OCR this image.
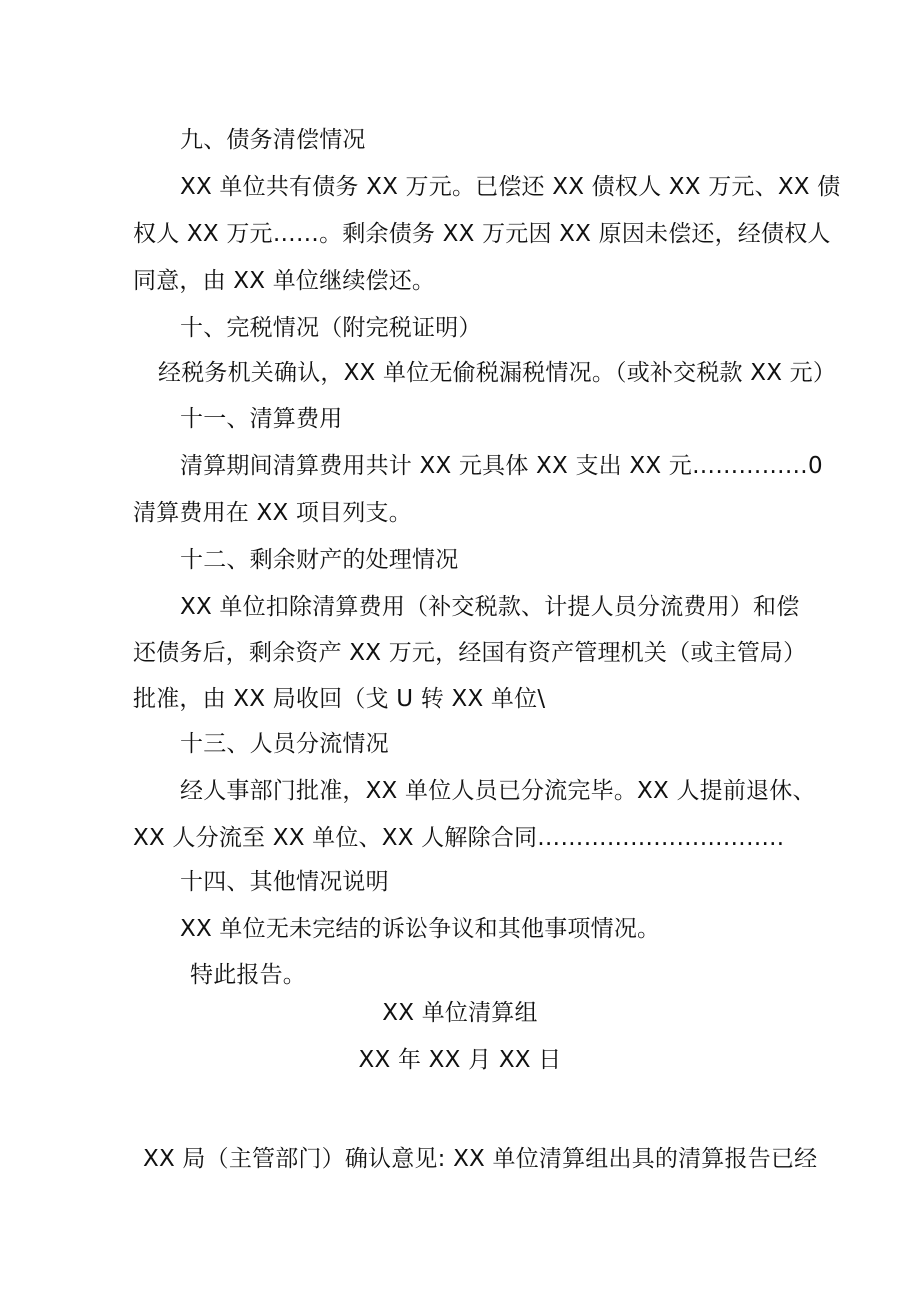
九、债务清偿情况
XX 单位共有债务 XX 万元。已偿还 XX 债权人 XX 万元、XX 债
权人 XX 万元……。剩余债务 XX 万元因 XX 原因未偿还，经债权人
同意，由 XX 单位继续偿还。
十、完税情况（附完税证明）
经税务机关确认，XX 单位无偷税漏税情况。（或补交税款 XX 元）
十一、清算费用
清算期间清算费用共计 XX 元具体 XX 支出 XX 元……………0
清算费用在 XX 项目列支。
十二、剩余财产的处理情况
XX 单位扣除清算费用（补交税款、计提人员分流费用）和偿
还债务后，剩余资产 XX 万元，经国有资产管理机关（或主管局）
批准，由 XX 局收回（戈 U 转 XX 单位\
十三、人员分流情况
经人事部门批准，XX 单位人员已分流完毕。XX 人提前退休、
XX 人分流至 XX 单位、XX 人解除合同…………………………..
十四、其他情况说明
XX 单位无未完结的诉讼争议和其他事项情况。
特此报告。
XX 单位清算组
XX 年 XX 月 XX 日
XX 局（主管部门）确认意见: XX 单位清算组出具的清算报告已经
